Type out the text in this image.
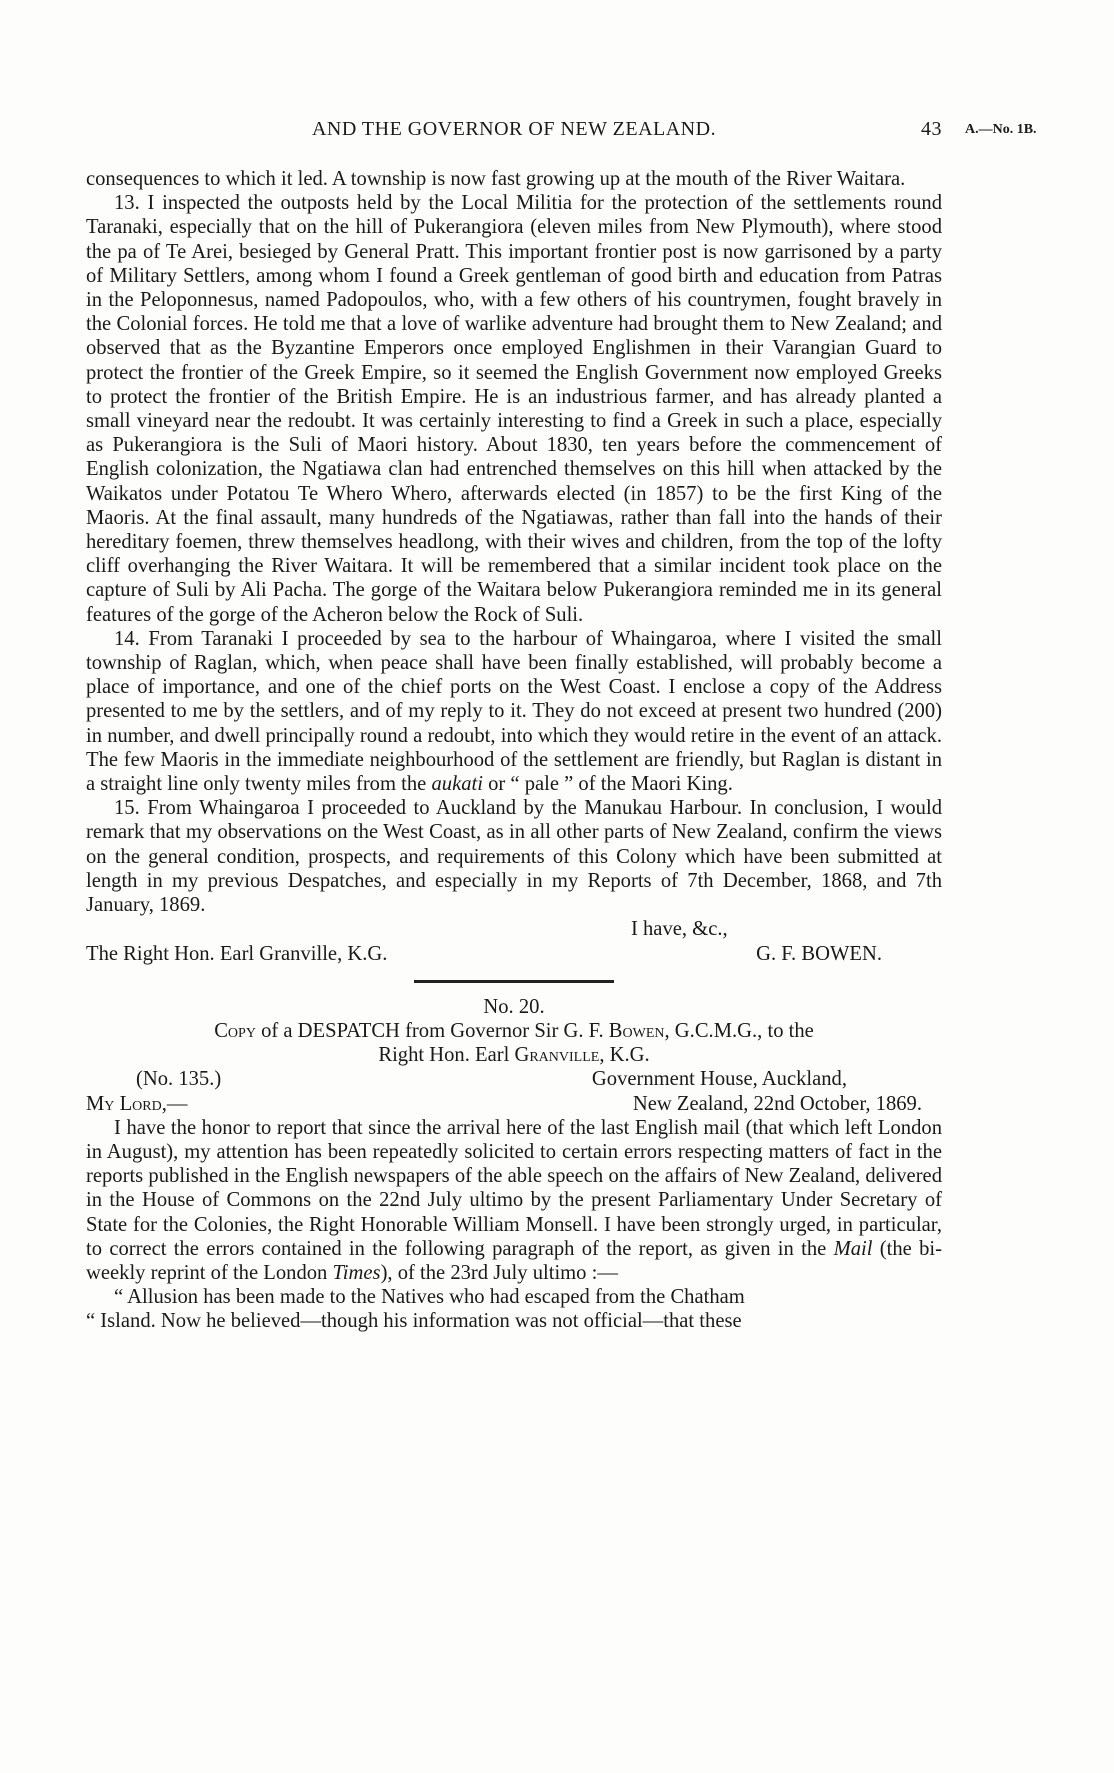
A.—No. 1B.
AND THE GOVERNOR OF NEW ZEALAND.	43

consequences to which it led. A township is now fast growing up at the mouth of the River Waitara.

13. I inspected the outposts held by the Local Militia for the protection of the settlements round Taranaki, especially that on the hill of Pukerangiora (eleven miles from New Plymouth), where stood the pa of Te Arei, besieged by General Pratt. This important frontier post is now garrisoned by a party of Military Settlers, among whom I found a Greek gentleman of good birth and education from Patras in the Peloponnesus, named Padopoulos, who, with a few others of his countrymen, fought bravely in the Colonial forces. He told me that a love of warlike adventure had brought them to New Zealand; and observed that as the Byzantine Emperors once employed Englishmen in their Varangian Guard to protect the frontier of the Greek Empire, so it seemed the English Government now employed Greeks to protect the frontier of the British Empire. He is an industrious farmer, and has already planted a small vineyard near the redoubt. It was certainly interesting to find a Greek in such a place, especially as Pukerangiora is the Suli of Maori history. About 1830, ten years before the commencement of English colonization, the Ngatiawa clan had entrenched themselves on this hill when attacked by the Waikatos under Potatou Te Whero Whero, afterwards elected (in 1857) to be the first King of the Maoris. At the final assault, many hundreds of the Ngatiawas, rather than fall into the hands of their hereditary foemen, threw themselves headlong, with their wives and children, from the top of the lofty cliff overhanging the River Waitara. It will be remembered that a similar incident took place on the capture of Suli by Ali Pacha. The gorge of the Waitara below Pukerangiora reminded me in its general features of the gorge of the Acheron below the Rock of Suli.

14. From Taranaki I proceeded by sea to the harbour of Whaingaroa, where I visited the small township of Raglan, which, when peace shall have been finally established, will probably become a place of importance, and one of the chief ports on the West Coast. I enclose a copy of the Address presented to me by the settlers, and of my reply to it. They do not exceed at present two hundred (200) in number, and dwell principally round a redoubt, into which they would retire in the event of an attack. The few Maoris in the immediate neighbourhood of the settlement are friendly, but Raglan is distant in a straight line only twenty miles from the aukati or “ pale ” of the Maori King.

15. From Whaingaroa I proceeded to Auckland by the Manukau Harbour. In conclusion, I would remark that my observations on the West Coast, as in all other parts of New Zealand, confirm the views on the general condition, prospects, and requirements of this Colony which have been submitted at length in my previous Despatches, and especially in my Reports of 7th December, 1868, and 7th January, 1869.

I have, &c.,

The Right Hon. Earl Granville, K.G.	G. F. BOWEN.

No. 20.

Copy of a DESPATCH from Governor Sir G. F. Bowen, G.C.M.G., to the

Right Hon. Earl Granville, K.G.

(No. 135.)	Government House, Auckland,
My Lord,—	New Zealand, 22nd October, 1869.

I have the honor to report that since the arrival here of the last English mail (that which left London in August), my attention has been repeatedly solicited to certain errors respecting matters of fact in the reports published in the English newspapers of the able speech on the affairs of New Zealand, delivered in the House of Commons on the 22nd July ultimo by the present Parliamentary Under Secretary of State for the Colonies, the Right Honorable William Monsell. I have been strongly urged, in particular, to correct the errors contained in the following paragraph of the report, as given in the Mail (the bi-weekly reprint of the London Times), of the 23rd July ultimo :—

“ Allusion has been made to the Natives who had escaped from the Chatham

“ Island. Now he believed—though his information was not official—that these
